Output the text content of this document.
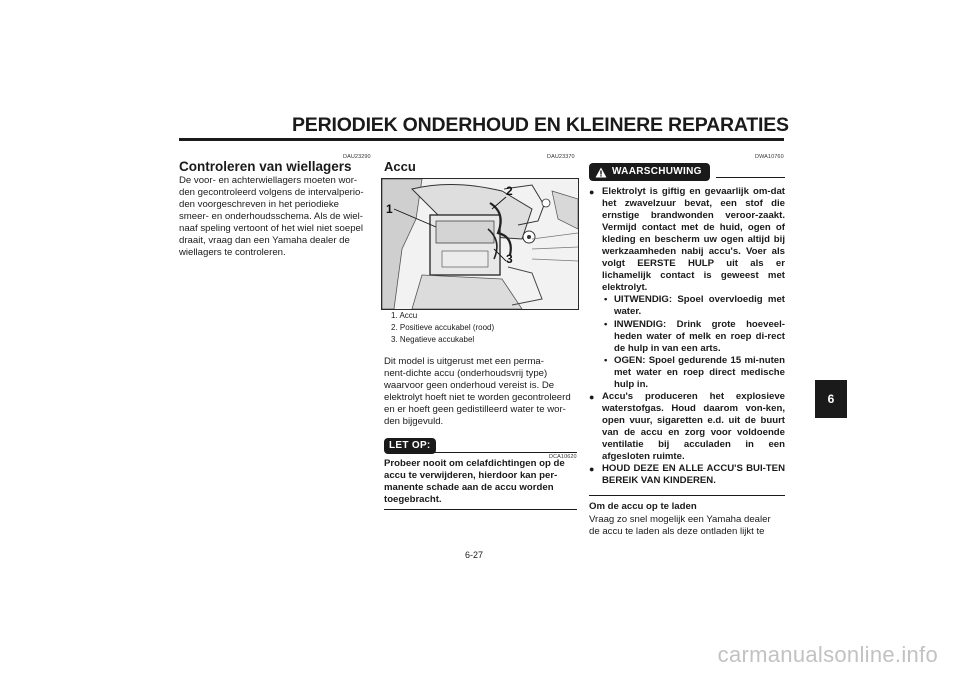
PERIODIEK ONDERHOUD EN KLEINERE REPARATIES
6
DAU23290
Controleren van wiellagers
De voor- en achterwiellagers moeten wor-
den gecontroleerd volgens de intervalperio-
den voorgeschreven in het periodieke
smeer- en onderhoudsschema. Als de wiel-
naaf speling vertoont of het wiel niet soepel
draait, vraag dan een Yamaha dealer de
wiellagers te controleren.
DAU23370
Accu
1
2
3
1. Accu
2. Positieve accukabel (rood)
3. Negatieve accukabel
Dit model is uitgerust met een perma-
nent-dichte accu (onderhoudsvrij type)
waarvoor geen onderhoud vereist is. De
elektrolyt hoeft niet te worden gecontroleerd
en er hoeft geen gedistilleerd water te wor-
den bijgevuld.
LET OP:
DCA10620
Probeer nooit om celafdichtingen op de
accu te verwijderen, hierdoor kan per-
manente schade aan de accu worden
toegebracht.
DWA10760
WAARSCHUWING
● Elektrolyt is giftig en gevaarlijk om-dat het zwavelzuur bevat, een stof die ernstige brandwonden veroor-zaakt. Vermijd contact met de huid, ogen of kleding en bescherm uw ogen altijd bij werkzaamheden nabij accu's. Voer als volgt EERSTE HULP uit als er lichamelijk contact is geweest met elektrolyt.
• UITWENDIG: Spoel overvloedig met water.
• INWENDIG: Drink grote hoeveel-heden water of melk en roep di-rect de hulp in van een arts.
• OGEN: Spoel gedurende 15 mi-nuten met water en roep direct medische hulp in.
● Accu's produceren het explosieve waterstofgas. Houd daarom von-ken, open vuur, sigaretten e.d. uit de buurt van de accu en zorg voor voldoende ventilatie bij acculaden in een afgesloten ruimte.
● HOUD DEZE EN ALLE ACCU'S BUI-TEN BEREIK VAN KINDEREN.
Om de accu op te laden
Vraag zo snel mogelijk een Yamaha dealer
de accu te laden als deze ontladen lijkt te
6-27
carmanualsonline.info
